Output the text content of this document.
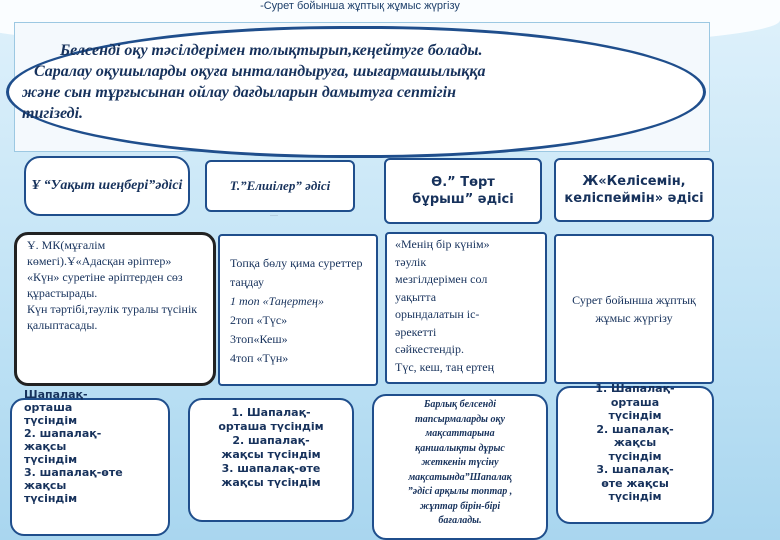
-Сурет бойынша жұптық жұмыс жүргізу

Белсенді оқу тәсілдерімен толықтырып,кеңейтуге болады.
Саралау оқушыларды оқуға ынталандыруға, шығармашылыққа
және сын тұрғысынан ойлау дағдыларын дамытуға септігін
тигізеді.

Ұ “Уақыт шеңбері”әдісі	Т.”Елшілер” әдісі
....
Ө.” Төрт бұрыш” әдісі
Ж«Келісемін, келіспеймін» әдісі
Ұ. МК(мұғалім көмегі).Ұ«Адасқан әріптер» «Күн» суретіне әріптерден сөз құрастырады.
Күн тәртібі,тәулік туралы түсінік қалыптасады.
Топқа бөлу қима суреттер таңдау
1 топ «Таңертең»
2топ «Түс»
3топ«Кеш»
4топ «Түн»
«Менің бір күнім»
тәулік
мезгілдерімен сол
уақытта
орындалатын іс-
әрекетті
сәйкестендір.
Түс, кеш, таң ертең
Сурет бойынша жұптық жұмыс жүргізу
Шапалақ-
орташа
түсіндім
2. шапалақ-
жақсы
түсіндім
3. шапалақ-өте
жақсы
түсіндім
1. Шапалақ-
орташа түсіндім
2. шапалақ-
жақсы түсіндім
3. шапалақ-өте
жақсы түсіндім
Барлық белсенді
тапсырмаларды оқу
мақсаттарына
қаншалықты дұрыс
жеткенін түсіну
мақсатында”Шапалақ
”әдісі арқылы топтар ,
жұптар бірін-бірі
бағалады.
1. Шапалақ-
орташа
түсіндім
2. шапалақ-
жақсы
түсіндім
3. шапалақ-
өте жақсы
түсіндім
